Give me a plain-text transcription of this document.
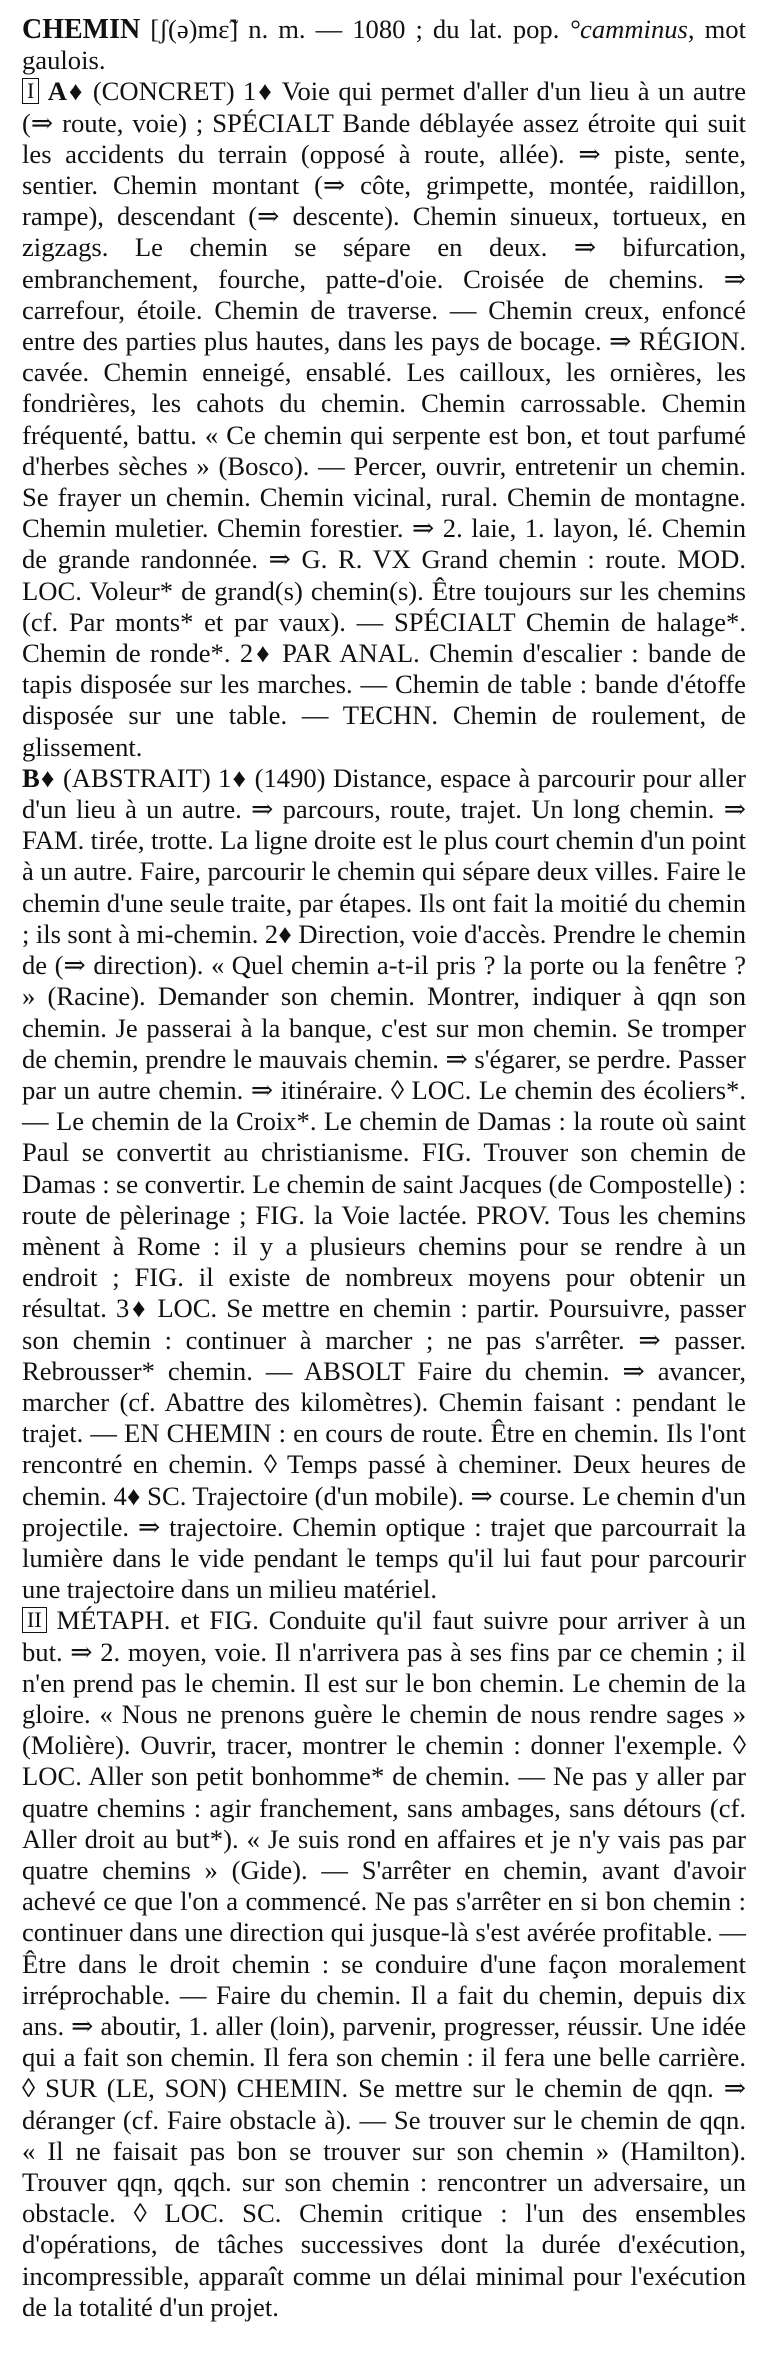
CHEMIN [ʃ(ə)mɛ̃] n. m. — 1080 ; du lat. pop. °camminus, mot gaulois.

I A♦ (CONCRET) 1♦ Voie qui permet d'aller d'un lieu à un autre (⇒ route, voie) ; SPÉCIALT Bande déblayée assez étroite qui suit les accidents du terrain (opposé à route, allée). ⇒ piste, sente, sentier. Chemin montant (⇒ côte, grimpette, montée, raidillon, rampe), descendant (⇒ descente). Chemin sinueux, tortueux, en zigzags. Le chemin se sépare en deux. ⇒ bifurcation, embranchement, fourche, patte-d'oie. Croisée de chemins. ⇒ carrefour, étoile. Chemin de traverse. — Chemin creux, enfoncé entre des parties plus hautes, dans les pays de bocage. ⇒ RÉGION. cavée. Chemin enneigé, ensablé. Les cailloux, les ornières, les fondrières, les cahots du chemin. Chemin carrossable. Chemin fréquenté, battu. « Ce chemin qui serpente est bon, et tout parfumé d'herbes sèches » (Bosco). — Percer, ouvrir, entretenir un chemin. Se frayer un chemin. Chemin vicinal, rural. Chemin de montagne. Chemin muletier. Chemin forestier. ⇒ 2. laie, 1. layon, lé. Chemin de grande randonnée. ⇒ G. R. VX Grand chemin : route. MOD. LOC. Voleur* de grand(s) chemin(s). Être toujours sur les chemins (cf. Par monts* et par vaux). — SPÉCIALT Chemin de halage*. Chemin de ronde*. 2♦ PAR ANAL. Chemin d'escalier : bande de tapis disposée sur les marches. — Chemin de table : bande d'étoffe disposée sur une table. — TECHN. Chemin de roulement, de glissement.

B♦ (ABSTRAIT) 1♦ (1490) Distance, espace à parcourir pour aller d'un lieu à un autre. ⇒ parcours, route, trajet. Un long chemin. ⇒ FAM. tirée, trotte. La ligne droite est le plus court chemin d'un point à un autre. Faire, parcourir le chemin qui sépare deux villes. Faire le chemin d'une seule traite, par étapes. Ils ont fait la moitié du chemin ; ils sont à mi-chemin. 2♦ Direction, voie d'accès. Prendre le chemin de (⇒ direction). « Quel chemin a-t-il pris ? la porte ou la fenêtre ? » (Racine). Demander son chemin. Montrer, indiquer à qqn son chemin. Je passerai à la banque, c'est sur mon chemin. Se tromper de chemin, prendre le mauvais chemin. ⇒ s'égarer, se perdre. Passer par un autre chemin. ⇒ itinéraire. ◊ LOC. Le chemin des écoliers*. — Le chemin de la Croix*. Le chemin de Damas : la route où saint Paul se convertit au christianisme. FIG. Trouver son chemin de Damas : se convertir. Le chemin de saint Jacques (de Compostelle) : route de pèlerinage ; FIG. la Voie lactée. PROV. Tous les chemins mènent à Rome : il y a plusieurs chemins pour se rendre à un endroit ; FIG. il existe de nombreux moyens pour obtenir un résultat. 3♦ LOC. Se mettre en chemin : partir. Poursuivre, passer son chemin : continuer à marcher ; ne pas s'arrêter. ⇒ passer. Rebrousser* chemin. — ABSOLT Faire du chemin. ⇒ avancer, marcher (cf. Abattre des kilomètres). Chemin faisant : pendant le trajet. — EN CHEMIN : en cours de route. Être en chemin. Ils l'ont rencontré en chemin. ◊ Temps passé à cheminer. Deux heures de chemin. 4♦ SC. Trajectoire (d'un mobile). ⇒ course. Le chemin d'un projectile. ⇒ trajectoire. Chemin optique : trajet que parcourrait la lumière dans le vide pendant le temps qu'il lui faut pour parcourir une trajectoire dans un milieu matériel.

II MÉTAPH. et FIG. Conduite qu'il faut suivre pour arriver à un but. ⇒ 2. moyen, voie. Il n'arrivera pas à ses fins par ce chemin ; il n'en prend pas le chemin. Il est sur le bon chemin. Le chemin de la gloire. « Nous ne prenons guère le chemin de nous rendre sages » (Molière). Ouvrir, tracer, montrer le chemin : donner l'exemple. ◊ LOC. Aller son petit bonhomme* de chemin. — Ne pas y aller par quatre chemins : agir franchement, sans ambages, sans détours (cf. Aller droit au but*). « Je suis rond en affaires et je n'y vais pas par quatre chemins » (Gide). — S'arrêter en chemin, avant d'avoir achevé ce que l'on a commencé. Ne pas s'arrêter en si bon chemin : continuer dans une direction qui jusque-là s'est avérée profitable. — Être dans le droit chemin : se conduire d'une façon moralement irréprochable. — Faire du chemin. Il a fait du chemin, depuis dix ans. ⇒ aboutir, 1. aller (loin), parvenir, progresser, réussir. Une idée qui a fait son chemin. Il fera son chemin : il fera une belle carrière. ◊ SUR (LE, SON) CHEMIN. Se mettre sur le chemin de qqn. ⇒ déranger (cf. Faire obstacle à). — Se trouver sur le chemin de qqn. « Il ne faisait pas bon se trouver sur son chemin » (Hamilton). Trouver qqn, qqch. sur son chemin : rencontrer un adversaire, un obstacle. ◊ LOC. SC. Chemin critique : l'un des ensembles d'opérations, de tâches successives dont la durée d'exécution, incompressible, apparaît comme un délai minimal pour l'exécution de la totalité d'un projet.
